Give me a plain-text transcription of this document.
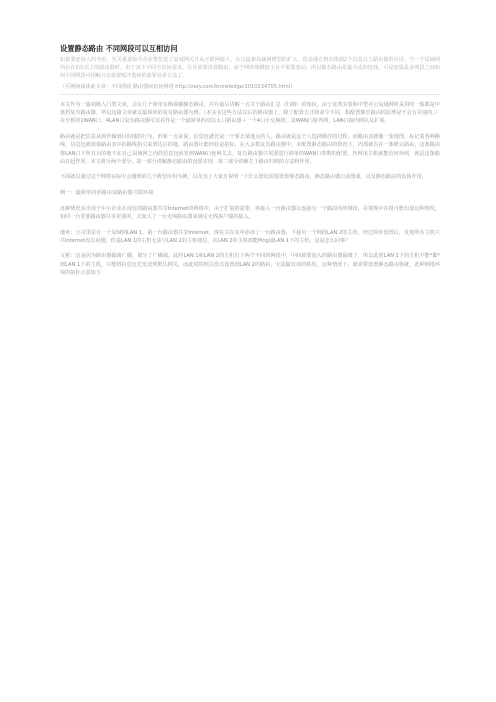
设置静态路由 不同网段可以互相访问

如果要连接入的考虑，至关重要和令企业赞忧进了局域网关并从互联网接入，在以最新局域网模型的扩大、很多地方将出现到2个以及以上路由器的应用，当一个局域网内存在2台以上的路由器时，由于其下不同方访问需求，往往需要设置路由，由于网络规模较小且不需要变动，所以静态路由是最合适的选择。可是如果是多网段之间如何不同网段可相解互访设置呢并选择的就要看看方法了。

（可网间阅读此文章：不同网段 路由器间访问网络 http://zaty.com/knowledge/2010234705.html）

本文作为一篇初级入门类文章，会以几个简单实例讲解静态路由，并在最后讲解一点关于路由汇总（归纳）的知识，由于这类实验和中型办公局域网所采用的一般都是中低档复有路由器，所以这篇文章就以最简单的复有路由器为例。（本实实这些方法以后的路由器上，除了配置方式和命令不同，和配置静态路由的原理是不会有差别的。）在分析的1WAN口、4LAN口复有路由器可以看作是一个最简单的双以太口路由器＋一个4口小交换机，其WAN口接外网，LAN口接内网以及扩展。

路由就是把信息从源传输到目的地的行为，形象一点来说，信息包就比是一个要去某地点的人，路由就是这个人选择路径的过程。而路由表就像一张地图，标记着各种路线，信息包就依靠路由表中的路线指引来到达目的地，路由器让能经验是指标，在大多数复有路由器中，未配置静态路由的情况下，内部就有在一条默认路由，这条路由将LAN口下所有目的地不在自己局域网之内的信息包转发到WAN口连网关去，复有路由器只需要进行简单的WAN口参数的配置，内网用主机就能访问外网，就是这条路由在起作用。本文将分两个部分，第一部分讲解静态路由的设置实现，第二部分讲解关于路由归纳的方法和作用。

下面就以通过这个网络实际中会遇到的几个典型应用为例，以及为了大家有说明一下什么情况需要设置静态路由，静态路由器日前图成，以及静态路由的具体作用。

例一：最简单的单路由双路由器互联环境

这种情况多出现于中小企业在现有的路由器共享Internet的网络中，由于扩展的需要，再接入一台路由器以连接另一个路段内的网段，在要现中在很可能出现这种情况，如同一台更要路由器共享更要的，又加入了一台无线路由器来满足无线客户端的接入。

地址：公司里原有一个局域网LAN 1，第一台路由器共享Internet，现在又在其中添加了一台路由器，下接另一个网段LAN 2的主机，经过简单设置后，发现所有主机只共Internet没有问题，但是LAN 1的主机无法与LAN 2的主机通信，在LAN 2的主机却能Ping通LAN 1下的主机，这是怎么回事？

文析：这是因为路由器隔离广播，划分了广播域，此时LAN 1和LAN 2的主机位于两个不同的网段中，中间就要加入的路由器隔离了，所以此时LAN 1下的主机不能*都*到LAN 1下的主机，只能将信息包先发送到默认网关，而此时的网关没有设置到LAN 2的路由，无法做有效的转发，这种情况下，就需要设置静态路由器就，此种网络环境的拓扑示意如下：
